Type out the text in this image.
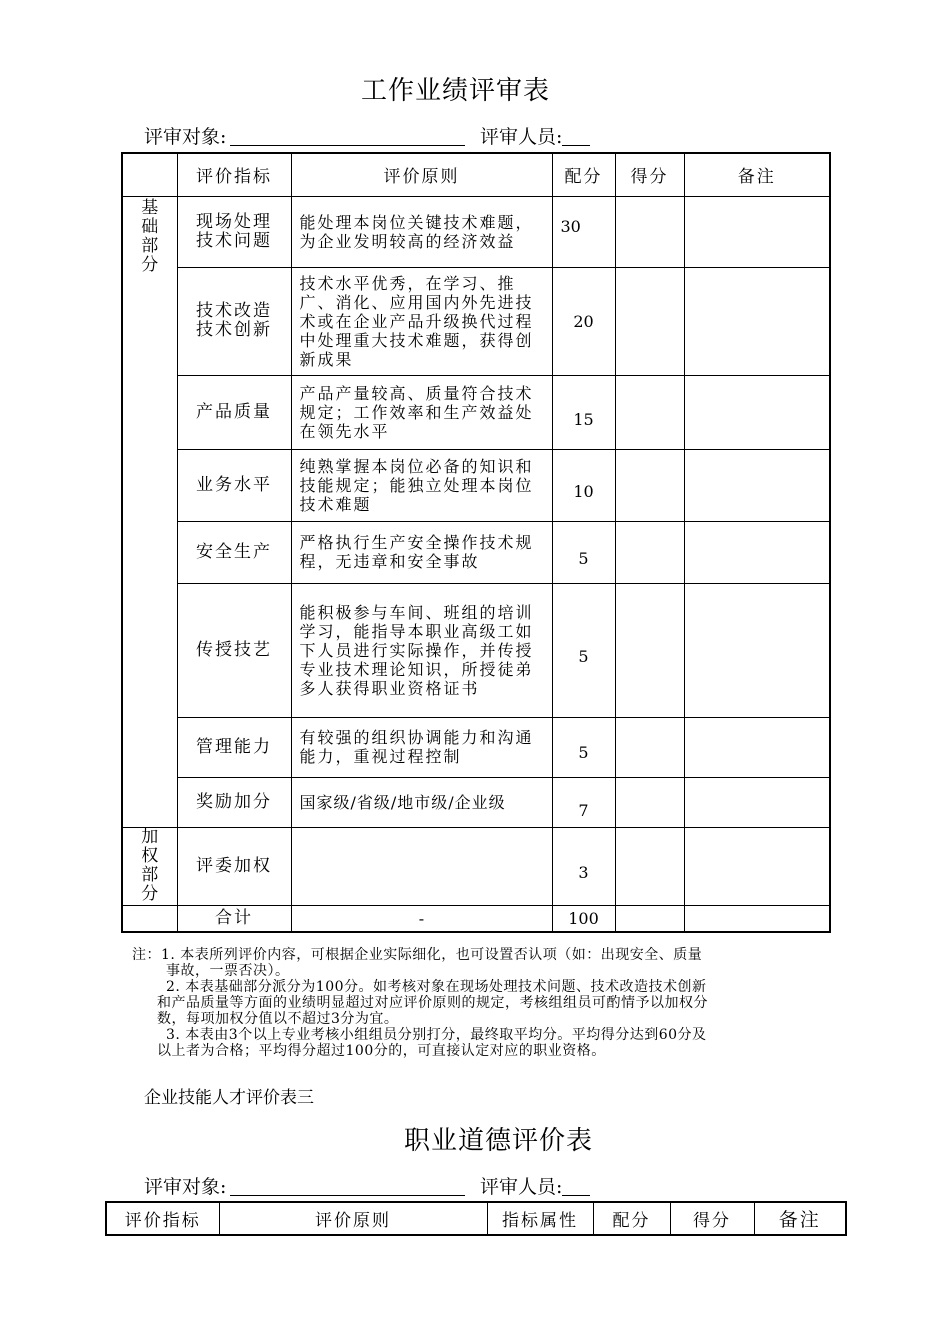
工作业绩评审表
评审对象:	评审人员:
	评价指标	评价原则	配分	得分	备注

基础部分	现场处理技术问题	能处理本岗位关键技术难题，为企业发明较高的经济效益	30		

	技术改造技术创新	技术水平优秀，在学习、推广、消化、应用国内外先进技术或在企业产品升级换代过程中处理重大技术难题，获得创新成果	20		
	产品质量	产品产量较高、质量符合技术规定；工作效率和生产效益处在领先水平	15		
	业务水平	纯熟掌握本岗位必备的知识和技能规定；能独立处理本岗位技术难题	10		
	安全生产	严格执行生产安全操作技术规程，无违章和安全事故	5		
	传授技艺	能积极参与车间、班组的培训学习，能指导本职业高级工如下人员进行实际操作，并传授专业技术理论知识，所授徒弟多人获得职业资格证书	5		
	管理能力	有较强的组织协调能力和沟通能力，重视过程控制	5		
	奖励加分	国家级/省级/地市级/企业级	7		

加权部分	评委加权		3		
	合计	-	100		
注：1. 本表所列评价内容，可根据企业实际细化，也可设置否认项（如：出现安全、质量
事故，一票否决）。
2. 本表基础部分派分为100分。如考核对象在现场处理技术问题、技术改造技术创新
和产品质量等方面的业绩明显超过对应评价原则的规定，考核组组员可酌情予以加权分
数，每项加权分值以不超过3分为宜。
3. 本表由3个以上专业考核小组组员分别打分，最终取平均分。平均得分达到60分及
以上者为合格；平均得分超过100分的，可直接认定对应的职业资格。
企业技能人才评价表三
职业道德评价表
评审对象:	评审人员:
评价指标	评价原则	指标属性	配分	得分	备注
